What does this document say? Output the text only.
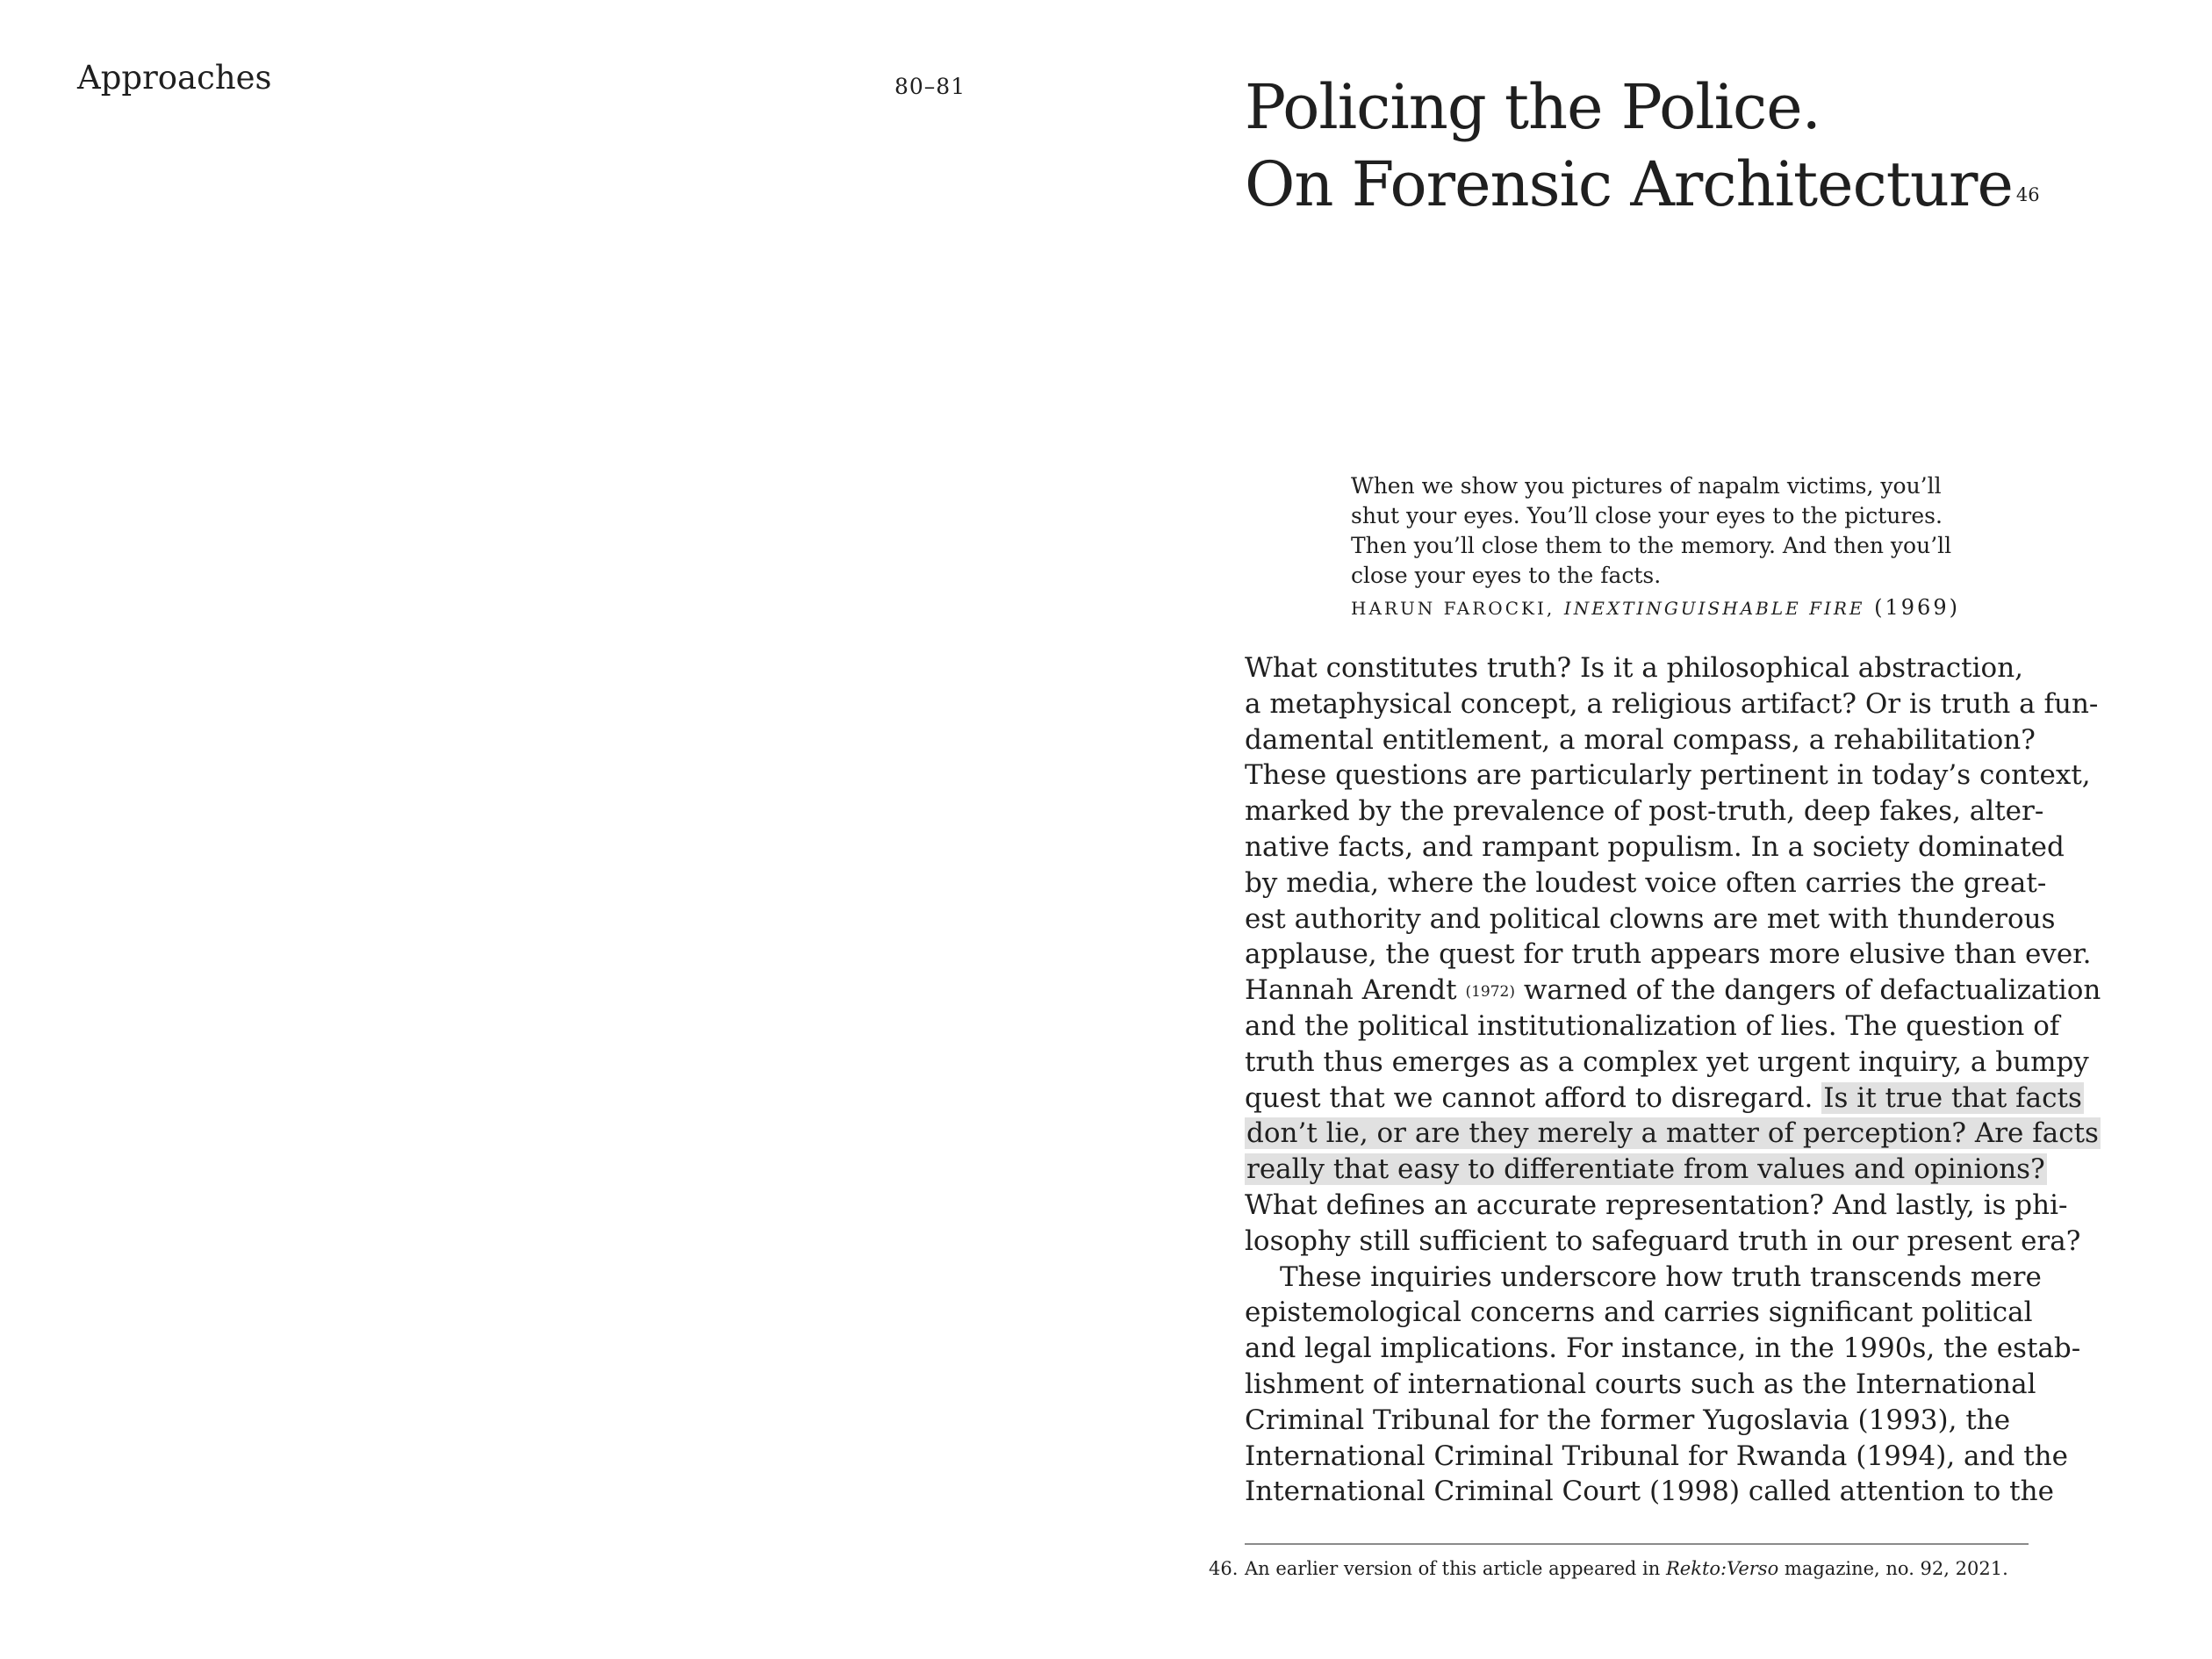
Approaches	80–81	Policing the Police.
On Forensic Architecture $^{46}$

When we show you pictures of napalm victims, you’ll
shut your eyes. You’ll close your eyes to the pictures.
Then you’ll close them to the memory. And then you’ll
close your eyes to the facts.

HARUN FAROCKI, INEXTINGUISHABLE FIRE (1969)

What constitutes truth? Is it a philosophical abstraction,
a metaphysical concept, a religious artifact? Or is truth a fun-
damental entitlement, a moral compass, a rehabilitation?
These questions are particularly pertinent in today’s context,
marked by the prevalence of post-truth, deep fakes, alter-
native facts, and rampant populism. In a society dominated
by media, where the loudest voice often carries the great-
est authority and political clowns are met with thunderous
applause, the quest for truth appears more elusive than ever.
Hannah Arendt $^{(1972)}$ warned of the dangers of defactualization
and the political institutionalization of lies. The question of
truth thus emerges as a complex yet urgent inquiry, a bumpy
quest that we cannot afford to disregard. Is it true that facts
don’t lie, or are they merely a matter of perception? Are facts
really that easy to differentiate from values and opinions?
What defines an accurate representation? And lastly, is phi-
losophy still sufficient to safeguard truth in our present era?
These inquiries underscore how truth transcends mere
epistemological concerns and carries significant political
and legal implications. For instance, in the 1990s, the estab-
lishment of international courts such as the International
Criminal Tribunal for the former Yugoslavia (1993), the
International Criminal Tribunal for Rwanda (1994), and the
International Criminal Court (1998) called attention to the
46. An earlier version of this article appeared in Rekto:Verso magazine, no. 92, 2021.
